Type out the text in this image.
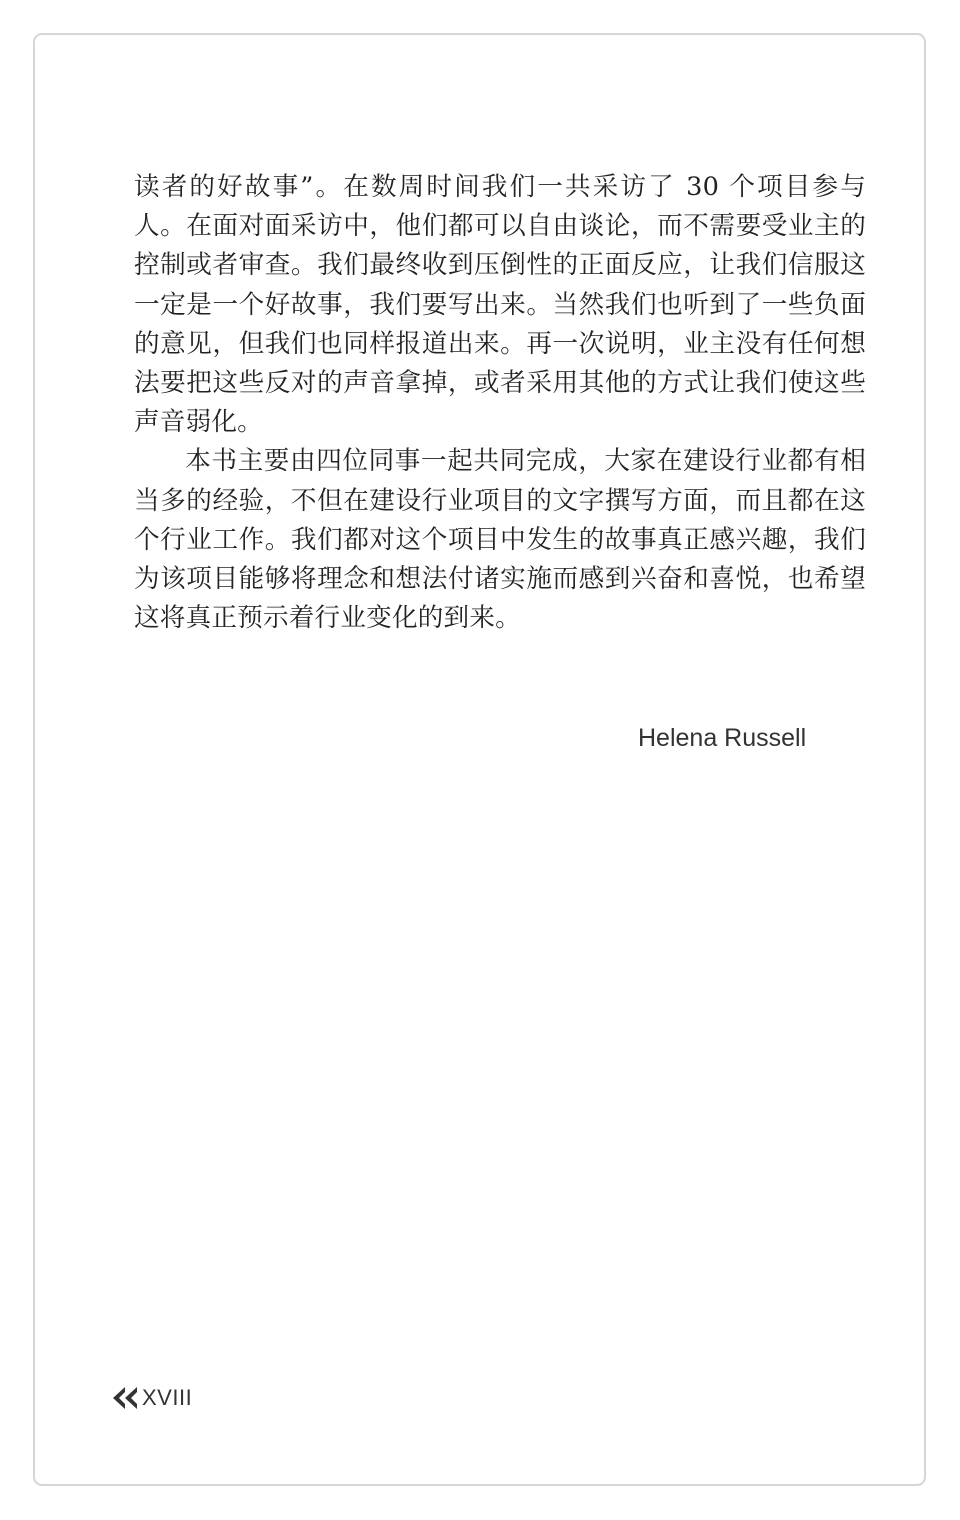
读者的好故事”。在数周时间我们一共采访了 30 个项目参与人。在面对面采访中，他们都可以自由谈论，而不需要受业主的控制或者审查。我们最终收到压倒性的正面反应，让我们信服这一定是一个好故事，我们要写出来。当然我们也听到了一些负面的意见，但我们也同样报道出来。再一次说明，业主没有任何想法要把这些反对的声音拿掉，或者采用其他的方式让我们使这些声音弱化。

本书主要由四位同事一起共同完成，大家在建设行业都有相当多的经验，不但在建设行业项目的文字撰写方面，而且都在这个行业工作。我们都对这个项目中发生的故事真正感兴趣，我们为该项目能够将理念和想法付诸实施而感到兴奋和喜悦，也希望这将真正预示着行业变化的到来。

Helena Russell
XVIII
